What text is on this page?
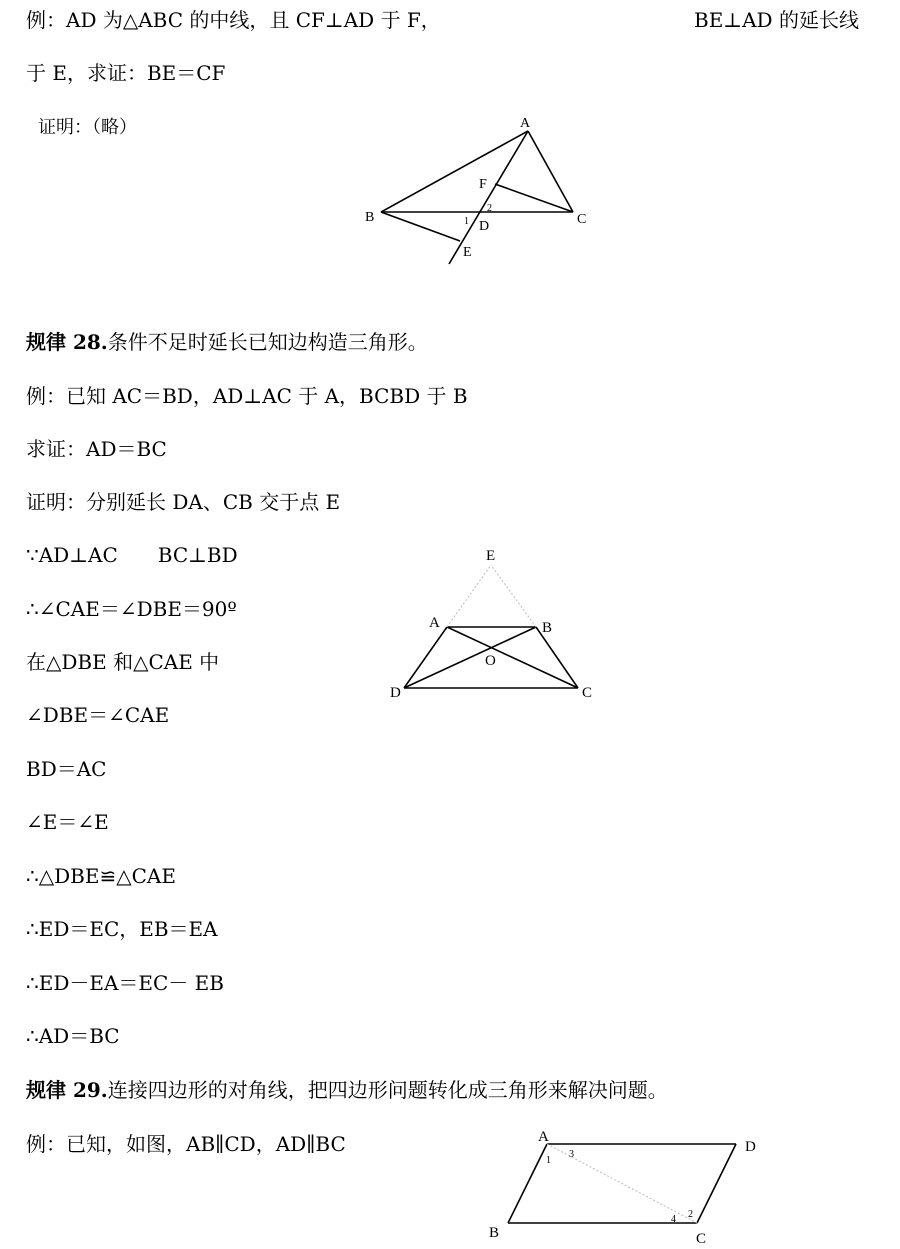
例：AD 为△ABC 的中线，且 CF⊥AD 于 F，	BE⊥AD 的延长线
于 E，求证：BE＝CF
证明：（略）	A
B	C
D
E
F
1
2
规律 28.条件不足时延长已知边构造三角形。
例：已知 AC＝BD，AD⊥AC 于 A，BCBD 于 B
求证：AD＝BC
证明：分别延长 DA、CB 交于点 E
∵AD⊥AC　　BC⊥BD
∴∠CAE＝∠DBE＝90º
在△DBE 和△CAE 中
∠DBE＝∠CAE
BD＝AC
∠E＝∠E
∴△DBE≌△CAE
∴ED＝EC，EB＝EA
∴ED－EA＝EC－ EB
∴AD＝BC
E
A	B
O
D	C
规律 29.连接四边形的对角线，把四边形问题转化成三角形来解决问题。
例：已知，如图，AB∥CD，AD∥BC	A
D
B	C
1
3
2
4
